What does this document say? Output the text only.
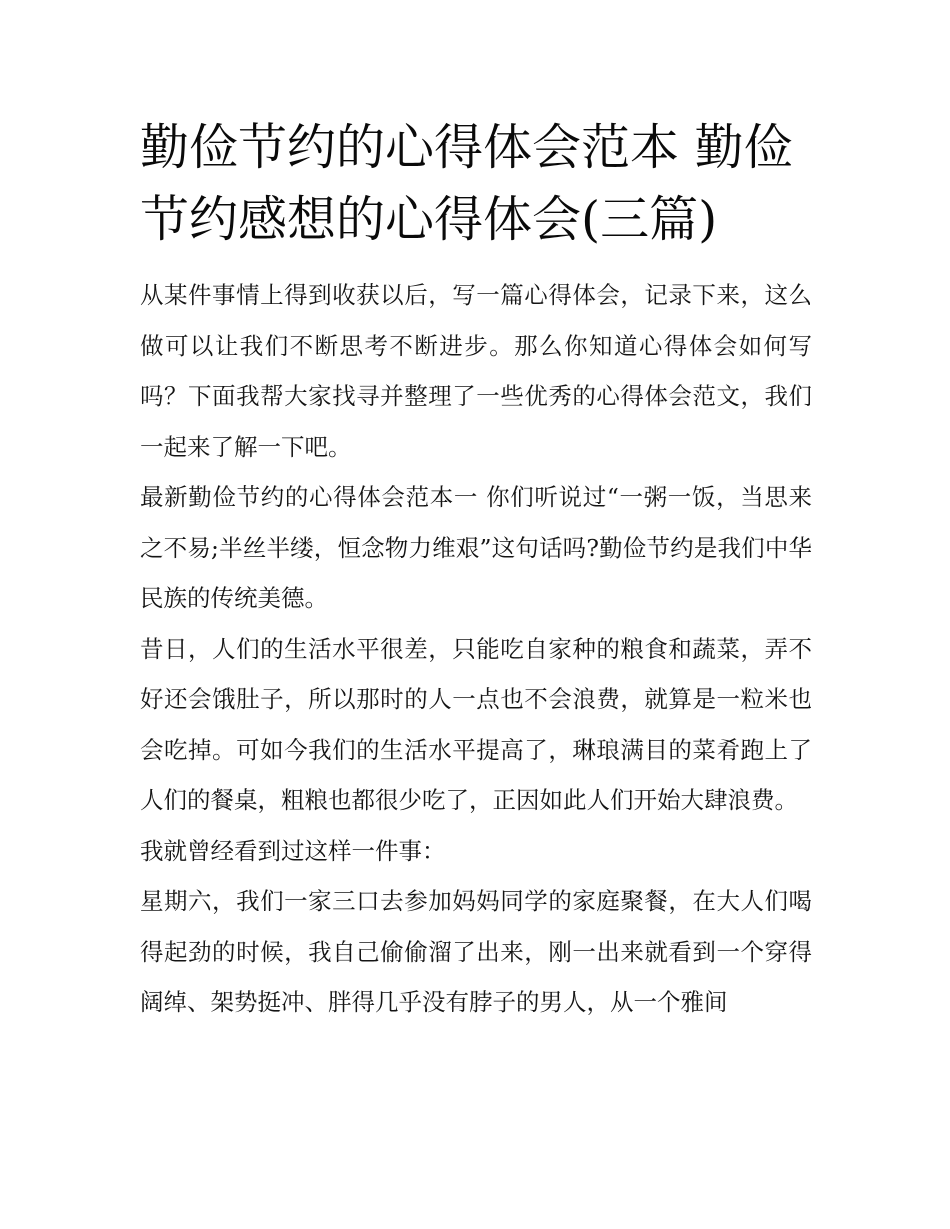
勤俭节约的心得体会范本 勤俭节约感想的心得体会(三篇)

从某件事情上得到收获以后，写一篇心得体会，记录下来，这么做可以让我们不断思考不断进步。那么你知道心得体会如何写吗？下面我帮大家找寻并整理了一些优秀的心得体会范文，我们一起来了解一下吧。

最新勤俭节约的心得体会范本一 你们听说过“一粥一饭，当思来之不易;半丝半缕，恒念物力维艰”这句话吗?勤俭节约是我们中华民族的传统美德。

昔日，人们的生活水平很差，只能吃自家种的粮食和蔬菜，弄不好还会饿肚子，所以那时的人一点也不会浪费，就算是一粒米也会吃掉。可如今我们的生活水平提高了，琳琅满目的菜肴跑上了人们的餐桌，粗粮也都很少吃了，正因如此人们开始大肆浪费。

我就曾经看到过这样一件事：

星期六，我们一家三口去参加妈妈同学的家庭聚餐，在大人们喝得起劲的时候，我自己偷偷溜了出来，刚一出来就看到一个穿得阔绰、架势挺冲、胖得几乎没有脖子的男人，从一个雅间
